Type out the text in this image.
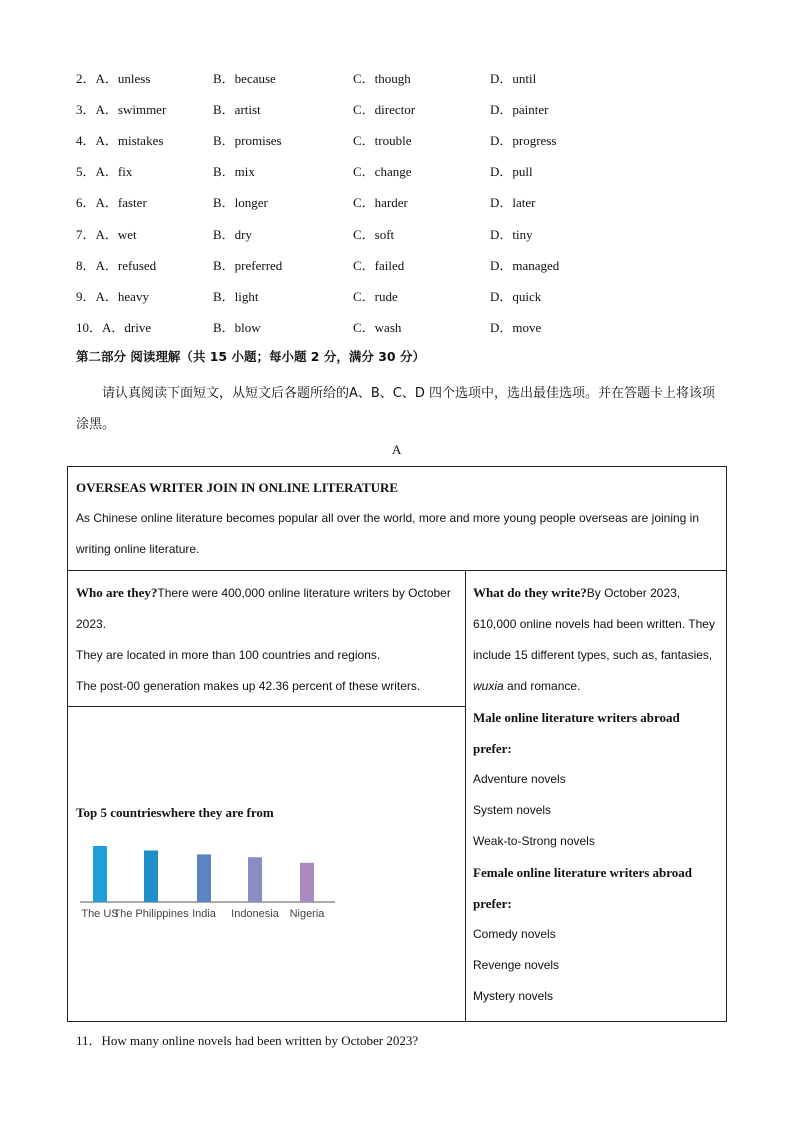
2．A．unless	B．because	C．though	D．until
3．A．swimmer	B．artist	C．director	D．painter
4．A．mistakes	B．promises	C．trouble	D．progress
5．A．fix	B．mix	C．change	D．pull
6．A．faster	B．longer	C．harder	D．later
7．A．wet	B．dry	C．soft	D．tiny
8．A．refused	B．preferred	C．failed	D．managed
9．A．heavy	B．light	C．rude	D．quick
10．A．drive	B．blow	C．wash	D．move
第二部分 阅读理解（共 15 小题；每小题 2 分，满分 30 分）
请认真阅读下面短文，从短文后各题所给的A、B、C、D 四个选项中，选出最佳选项。并在答题卡上将该项涂黑。
A
OVERSEAS WRITER JOIN IN ONLINE LITERATURE
As Chinese online literature becomes popular all over the world, more and more young people overseas are joining in writing online literature.
Who are they?There were 400,000 online literature writers by October 2023.
They are located in more than 100 countries and regions.
The post-00 generation makes up 42.36 percent of these writers.
What do they write?By October 2023, 610,000 online novels had been written. They include 15 different types, such as, fantasies, wuxia and romance.
Male online literature writers abroad prefer:
Adventure novels
System novels
Weak-to-Strong novels
Female online literature writers abroad prefer:
Comedy novels
Revenge novels
Mystery novels
Top 5 countrieswhere they are from
The US
The Philippines India Indonesia Nigeria
11．How many online novels had been written by October 2023?
